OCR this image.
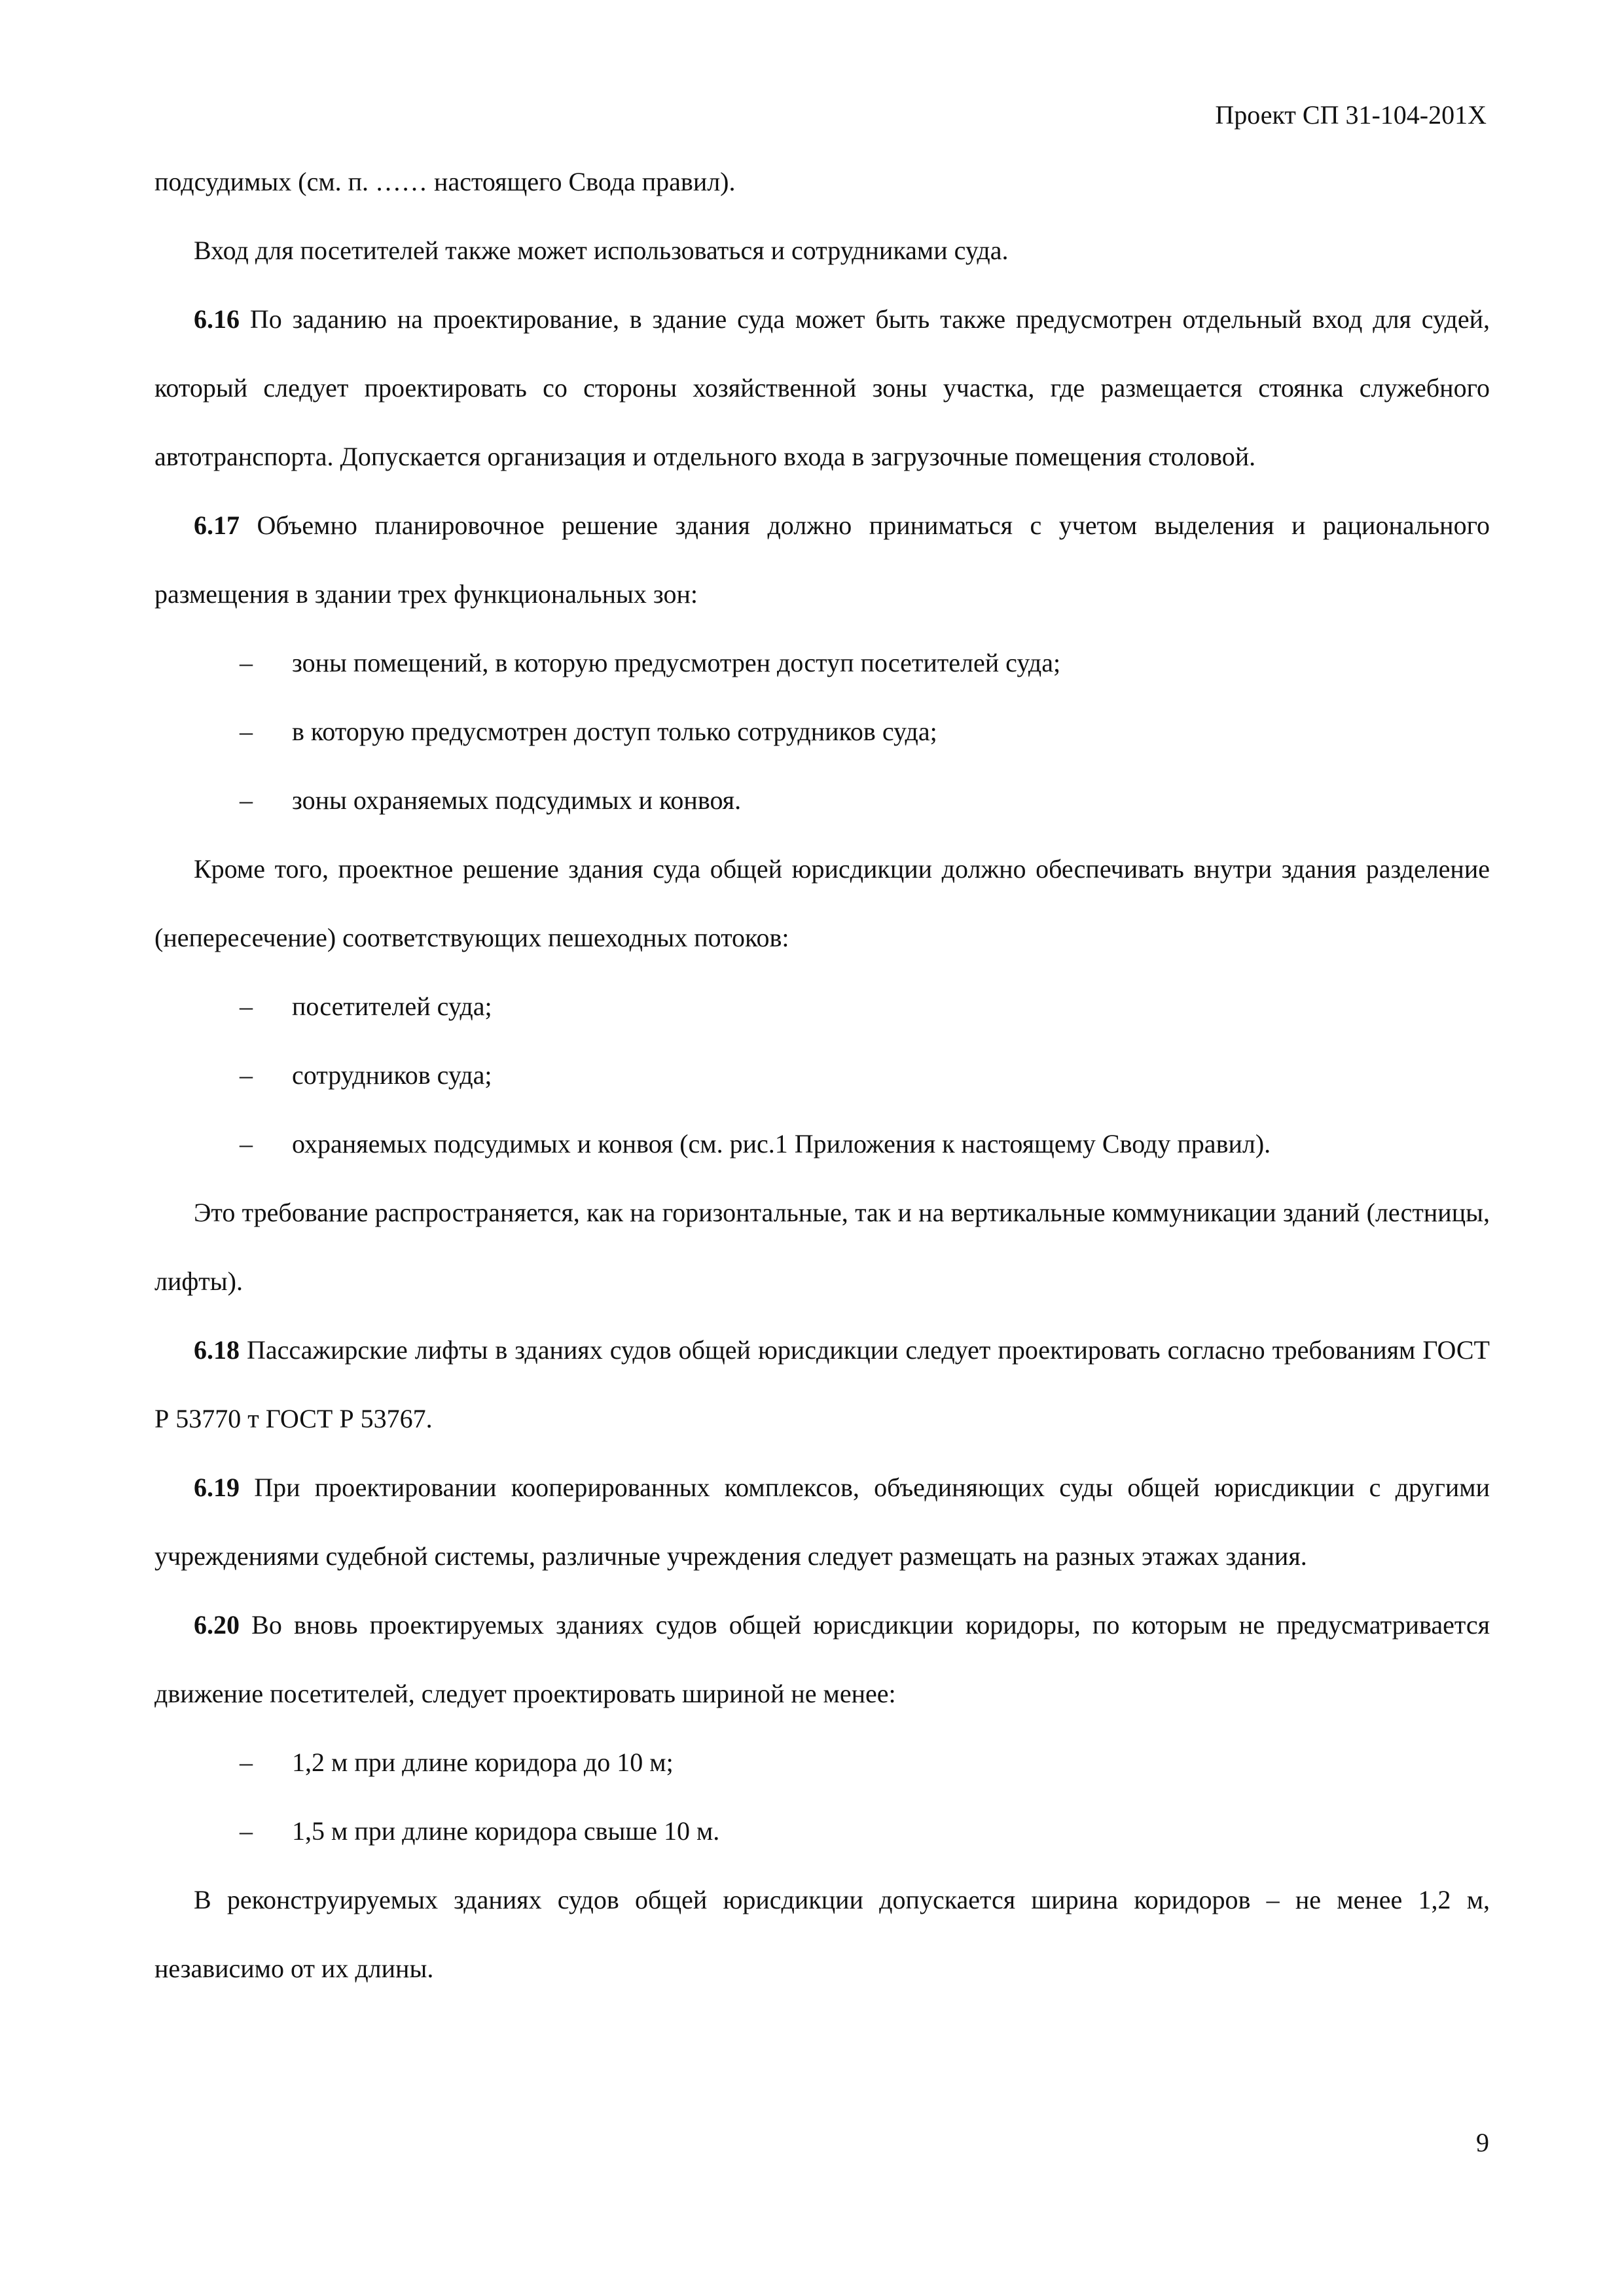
Проект СП 31-104-201X

подсудимых (см. п. …… настоящего Свода правил).

Вход для посетителей также может использоваться и сотрудниками суда.

6.16 По заданию на проектирование, в здание суда может быть также предусмотрен отдельный вход для судей, который следует проектировать со стороны хозяйственной зоны участка, где размещается стоянка служебного автотранспорта. Допускается организация и отдельного входа в загрузочные помещения столовой.

6.17 Объемно планировочное решение здания должно приниматься с учетом выделения и рационального размещения в здании трех функциональных зон:

– зоны помещений, в которую предусмотрен доступ посетителей суда;

– в которую предусмотрен доступ только сотрудников суда;

– зоны охраняемых подсудимых и конвоя.

Кроме того, проектное решение здания суда общей юрисдикции должно обеспечивать внутри здания разделение (непересечение) соответствующих пешеходных потоков:

– посетителей суда;

– сотрудников суда;

– охраняемых подсудимых и конвоя (см. рис.1 Приложения к настоящему Своду правил).

Это требование распространяется, как на горизонтальные, так и на вертикальные коммуникации зданий (лестницы, лифты).

6.18 Пассажирские лифты в зданиях судов общей юрисдикции следует проектировать согласно требованиям ГОСТ Р 53770 т ГОСТ Р 53767.

6.19 При проектировании кооперированных комплексов, объединяющих суды общей юрисдикции с другими учреждениями судебной системы, различные учреждения следует размещать на разных этажах здания.

6.20 Во вновь проектируемых зданиях судов общей юрисдикции коридоры, по которым не предусматривается движение посетителей, следует проектировать шириной не менее:

– 1,2 м при длине коридора до 10 м;

– 1,5 м при длине коридора свыше 10 м.

В реконструируемых зданиях судов общей юрисдикции допускается ширина коридоров – не менее 1,2 м, независимо от их длины.

9
